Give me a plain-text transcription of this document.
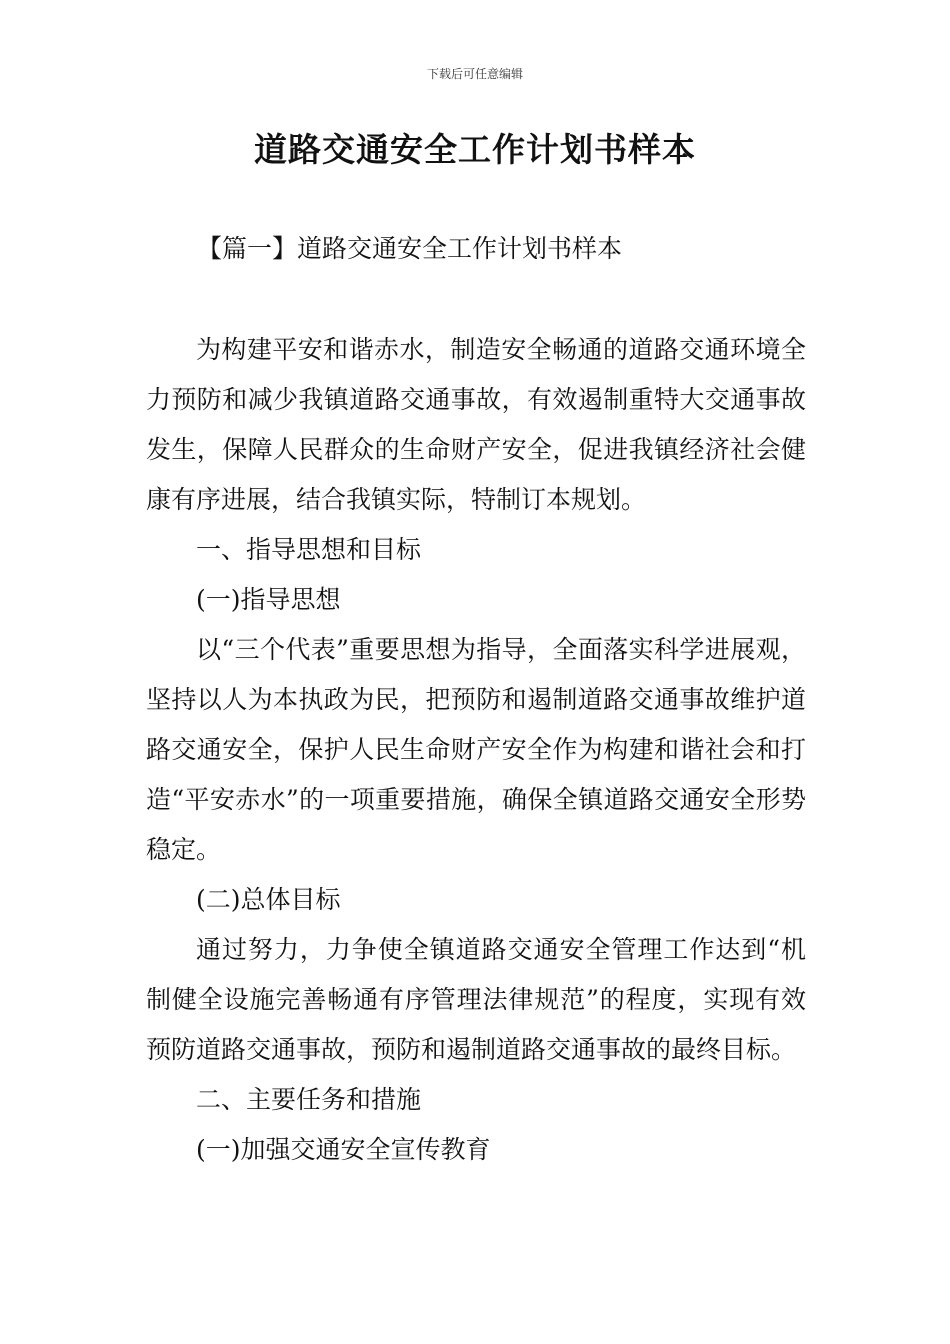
下载后可任意编辑
道路交通安全工作计划书样本
【篇一】道路交通安全工作计划书样本

为构建平安和谐赤水，制造安全畅通的道路交通环境全力预防和减少我镇道路交通事故，有效遏制重特大交通事故发生，保障人民群众的生命财产安全，促进我镇经济社会健康有序进展，结合我镇实际，特制订本规划。

一、指导思想和目标

(一)指导思想

以“三个代表”重要思想为指导，全面落实科学进展观，坚持以人为本执政为民，把预防和遏制道路交通事故维护道路交通安全，保护人民生命财产安全作为构建和谐社会和打造“平安赤水”的一项重要措施，确保全镇道路交通安全形势稳定。

(二)总体目标

通过努力，力争使全镇道路交通安全管理工作达到“机制健全设施完善畅通有序管理法律规范”的程度，实现有效预防道路交通事故，预防和遏制道路交通事故的最终目标。

二、主要任务和措施

(一)加强交通安全宣传教育
